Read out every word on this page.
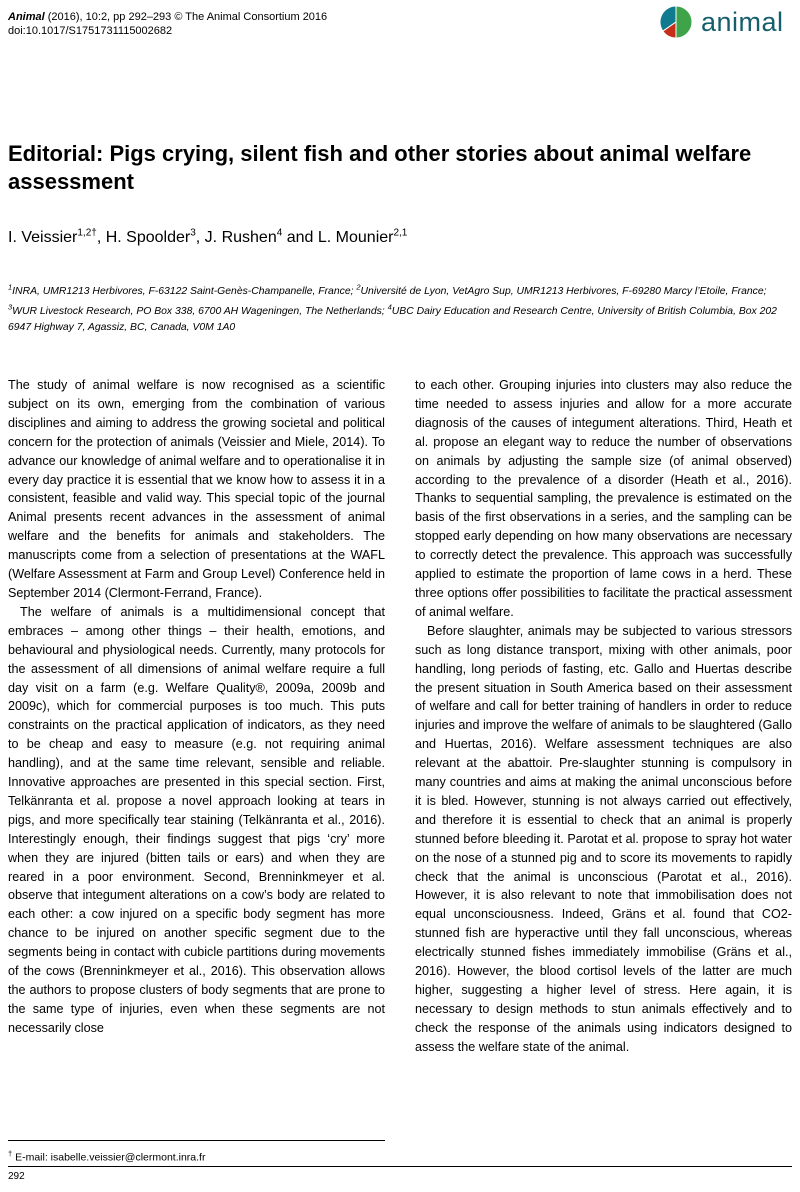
Animal (2016), 10:2, pp 292–293 © The Animal Consortium 2016
doi:10.1017/S1751731115002682	animal
Editorial: Pigs crying, silent fish and other stories about animal welfare assessment
I. Veissier$^{1,2\dagger}$, H. Spoolder$^3$, J. Rushen$^4$ and L. Mounier$^{2,1}$

$^1$INRA, UMR1213 Herbivores, F-63122 Saint-Genès-Champanelle, France; $^2$Université de Lyon, VetAgro Sup, UMR1213 Herbivores, F-69280 Marcy l’Etoile, France; $^3$WUR Livestock Research, PO Box 338, 6700 AH Wageningen, The Netherlands; $^4$UBC Dairy Education and Research Centre, University of British Columbia, Box 202 6947 Highway 7, Agassiz, BC, Canada, V0M 1A0

The study of animal welfare is now recognised as a scientific subject on its own, emerging from the combination of various disciplines and aiming to address the growing societal and political concern for the protection of animals (Veissier and Miele, 2014). To advance our knowledge of animal welfare and to operationalise it in every day practice it is essential that we know how to assess it in a consistent, feasible and valid way. This special topic of the journal Animal presents recent advances in the assessment of animal welfare and the benefits for animals and stakeholders. The manuscripts come from a selection of presentations at the WAFL (Welfare Assessment at Farm and Group Level) Conference held in September 2014 (Clermont-Ferrand, France).

The welfare of animals is a multidimensional concept that embraces – among other things – their health, emotions, and behavioural and physiological needs. Currently, many protocols for the assessment of all dimensions of animal welfare require a full day visit on a farm (e.g. Welfare Quality®, 2009a, 2009b and 2009c), which for commercial purposes is too much. This puts constraints on the practical application of indicators, as they need to be cheap and easy to measure (e.g. not requiring animal handling), and at the same time relevant, sensible and reliable. Innovative approaches are presented in this special section. First, Telkänranta et al. propose a novel approach looking at tears in pigs, and more specifically tear staining (Telkänranta et al., 2016). Interestingly enough, their findings suggest that pigs ‘cry’ more when they are injured (bitten tails or ears) and when they are reared in a poor environment. Second, Brenninkmeyer et al. observe that integument alterations on a cow’s body are related to each other: a cow injured on a specific body segment has more chance to be injured on another specific segment due to the segments being in contact with cubicle partitions during movements of the cows (Brenninkmeyer et al., 2016). This observation allows the authors to propose clusters of body segments that are prone to the same type of injuries, even when these segments are not necessarily close

to each other. Grouping injuries into clusters may also reduce the time needed to assess injuries and allow for a more accurate diagnosis of the causes of integument alterations. Third, Heath et al. propose an elegant way to reduce the number of observations on animals by adjusting the sample size (of animal observed) according to the prevalence of a disorder (Heath et al., 2016). Thanks to sequential sampling, the prevalence is estimated on the basis of the first observations in a series, and the sampling can be stopped early depending on how many observations are necessary to correctly detect the prevalence. This approach was successfully applied to estimate the proportion of lame cows in a herd. These three options offer possibilities to facilitate the practical assessment of animal welfare.

Before slaughter, animals may be subjected to various stressors such as long distance transport, mixing with other animals, poor handling, long periods of fasting, etc. Gallo and Huertas describe the present situation in South America based on their assessment of welfare and call for better training of handlers in order to reduce injuries and improve the welfare of animals to be slaughtered (Gallo and Huertas, 2016). Welfare assessment techniques are also relevant at the abattoir. Pre-slaughter stunning is compulsory in many countries and aims at making the animal unconscious before it is bled. However, stunning is not always carried out effectively, and therefore it is essential to check that an animal is properly stunned before bleeding it. Parotat et al. propose to spray hot water on the nose of a stunned pig and to score its movements to rapidly check that the animal is unconscious (Parotat et al., 2016). However, it is also relevant to note that immobilisation does not equal unconsciousness. Indeed, Gräns et al. found that CO2-stunned fish are hyperactive until they fall unconscious, whereas electrically stunned fishes immediately immobilise (Gräns et al., 2016). However, the blood cortisol levels of the latter are much higher, suggesting a higher level of stress. Here again, it is necessary to design methods to stun animals effectively and to check the response of the animals using indicators designed to assess the welfare state of the animal.

† E-mail: isabelle.veissier@clermont.inra.fr
292
